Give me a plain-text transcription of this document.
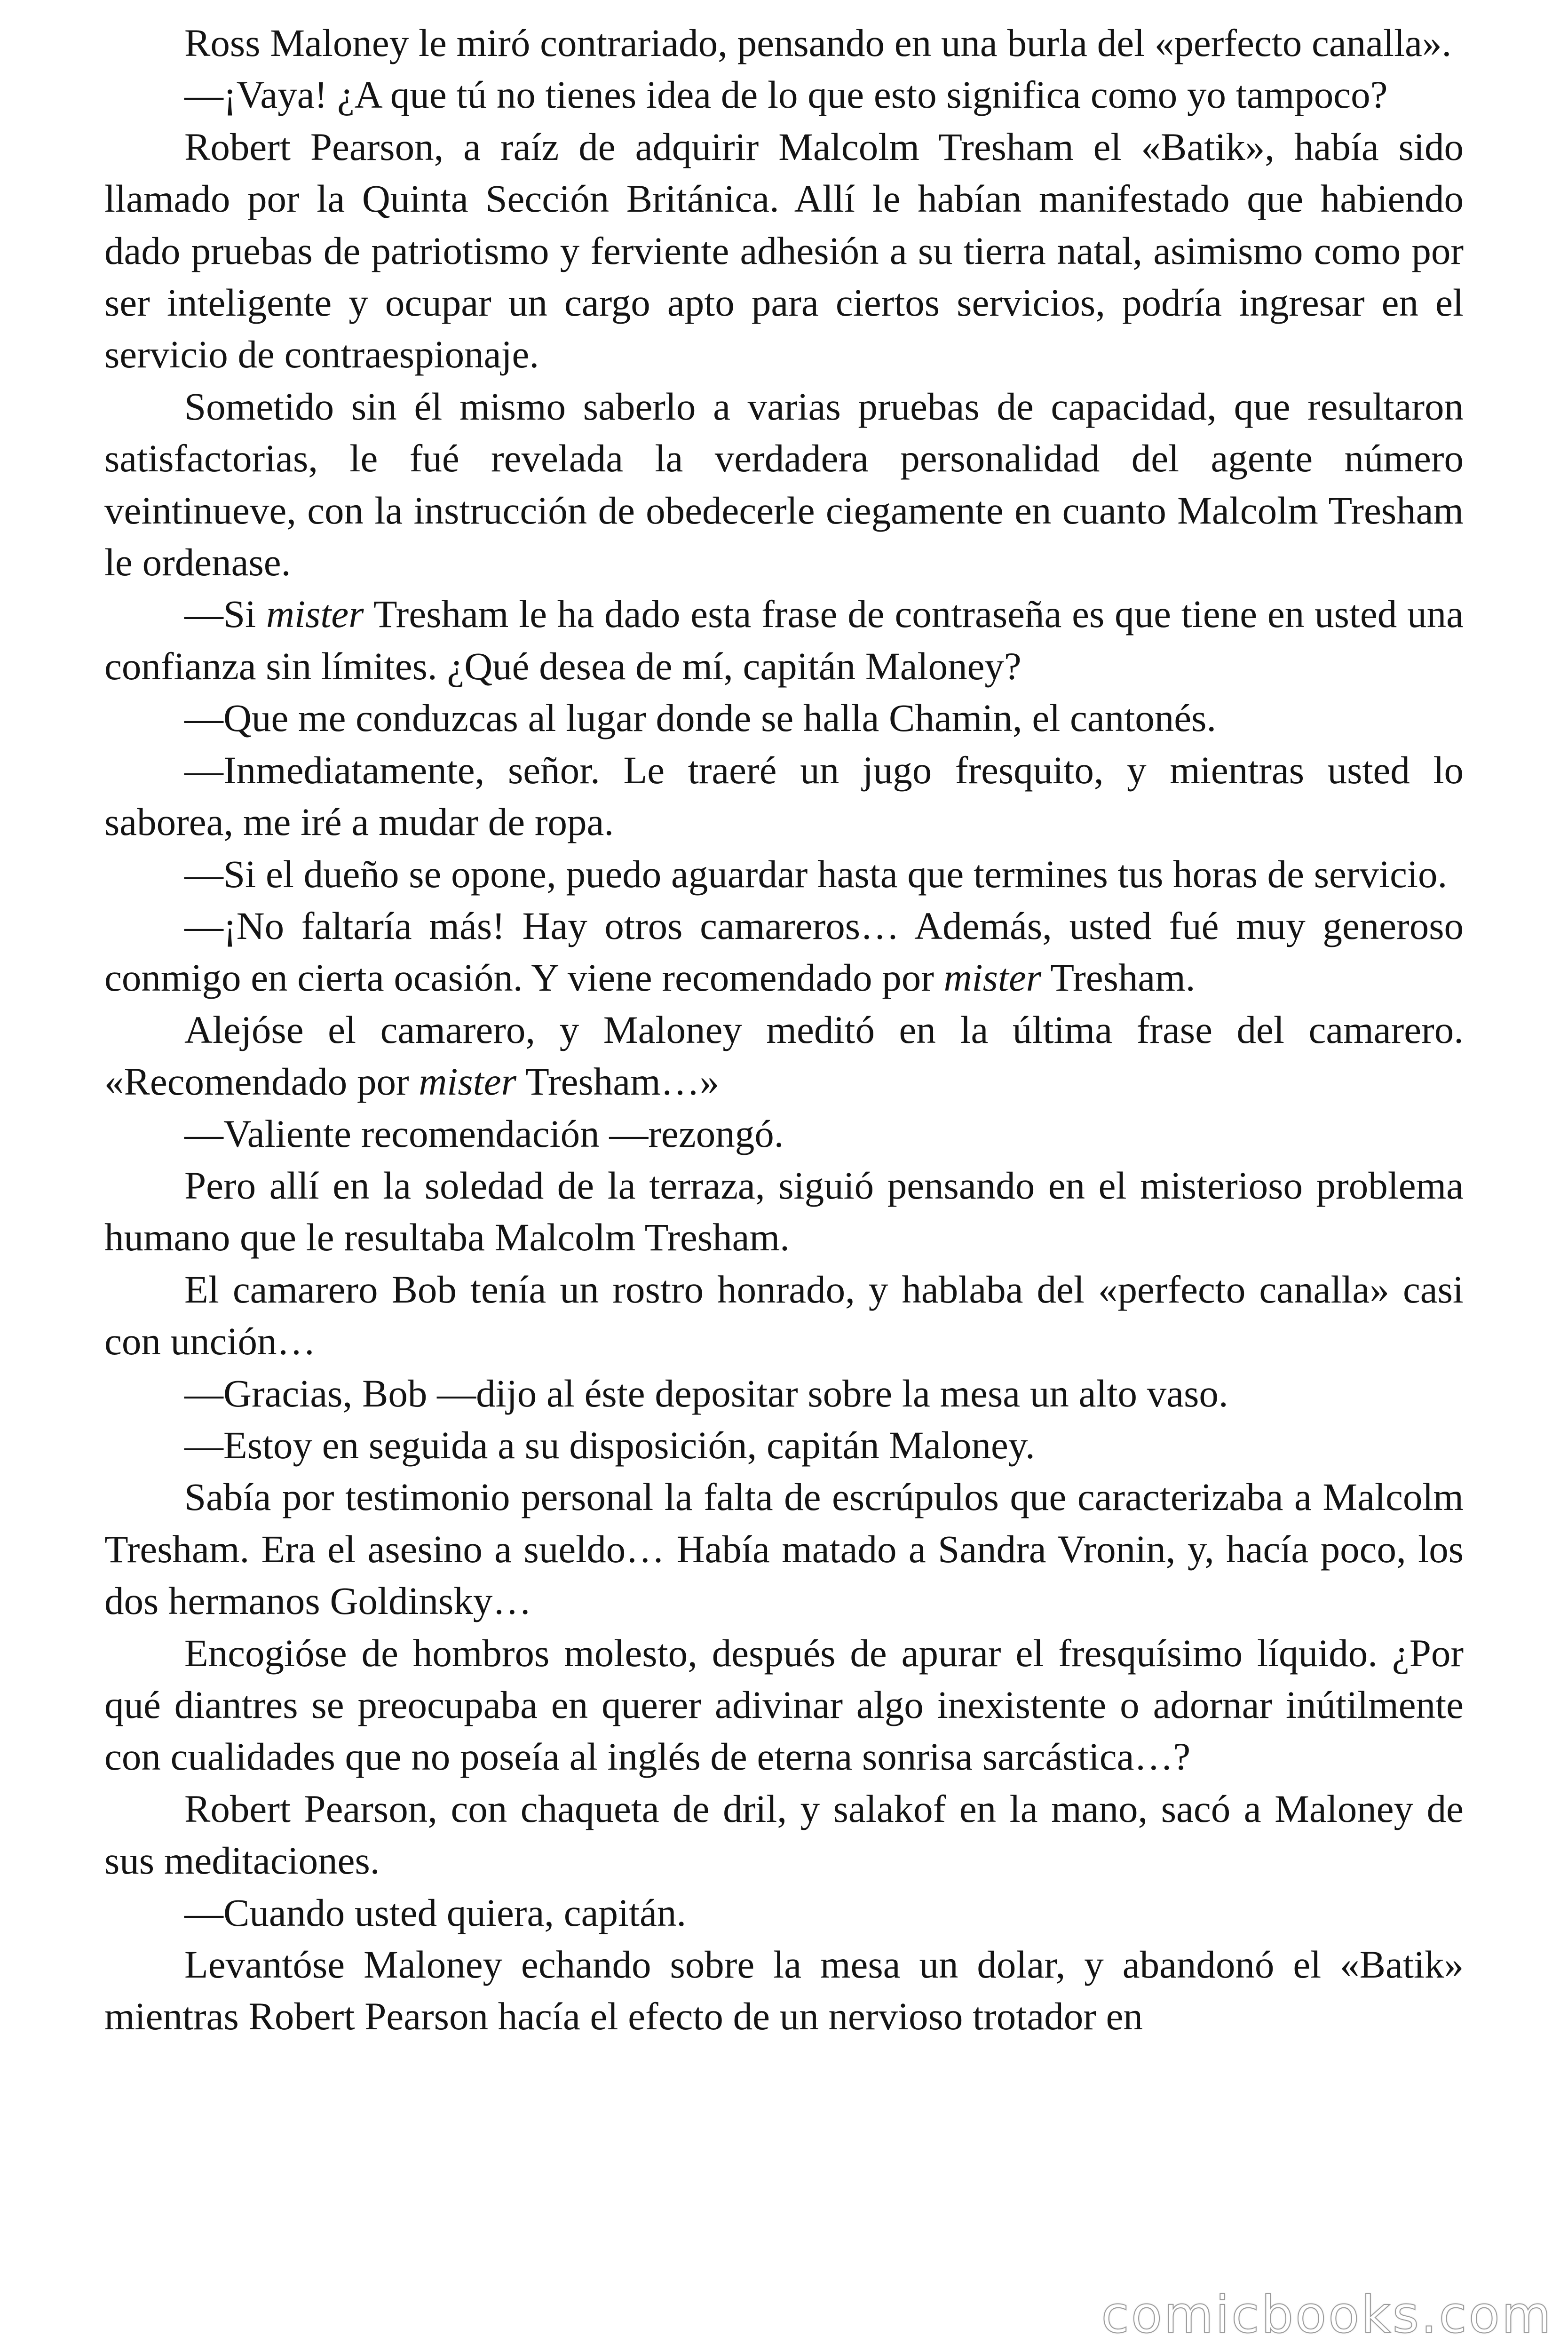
Ross Maloney le miró contrariado, pensando en una burla del «perfecto canalla».

—¡Vaya! ¿A que tú no tienes idea de lo que esto significa como yo tampoco?

Robert Pearson, a raíz de adquirir Malcolm Tresham el «Batik», había sido llamado por la Quinta Sección Británica. Allí le habían manifestado que habiendo dado pruebas de patriotismo y ferviente adhesión a su tierra natal, asimismo como por ser inteligente y ocupar un cargo apto para ciertos servicios, podría ingresar en el servicio de contraespionaje.

Sometido sin él mismo saberlo a varias pruebas de capacidad, que resultaron satisfactorias, le fué revelada la verdadera personalidad del agente número veintinueve, con la instrucción de obedecerle ciegamente en cuanto Malcolm Tresham le ordenase.

—Si mister Tresham le ha dado esta frase de contraseña es que tiene en usted una confianza sin límites. ¿Qué desea de mí, capitán Maloney?

—Que me conduzcas al lugar donde se halla Chamin, el cantonés.

—Inmediatamente, señor. Le traeré un jugo fresquito, y mientras usted lo saborea, me iré a mudar de ropa.

—Si el dueño se opone, puedo aguardar hasta que termines tus horas de servicio.

—¡No faltaría más! Hay otros camareros… Además, usted fué muy generoso conmigo en cierta ocasión. Y viene recomendado por mister Tresham.

Alejóse el camarero, y Maloney meditó en la última frase del camarero. «Recomendado por mister Tresham…»

—Valiente recomendación —rezongó.

Pero allí en la soledad de la terraza, siguió pensando en el misterioso problema humano que le resultaba Malcolm Tresham.

El camarero Bob tenía un rostro honrado, y hablaba del «perfecto canalla» casi con unción…

—Gracias, Bob —dijo al éste depositar sobre la mesa un alto vaso.

—Estoy en seguida a su disposición, capitán Maloney.

Sabía por testimonio personal la falta de escrúpulos que caracterizaba a Malcolm Tresham. Era el asesino a sueldo… Había matado a Sandra Vronin, y, hacía poco, los dos hermanos Goldinsky…

Encogióse de hombros molesto, después de apurar el fresquísimo líquido. ¿Por qué diantres se preocupaba en querer adivinar algo inexistente o adornar inútilmente con cualidades que no poseía al inglés de eterna sonrisa sarcástica…?

Robert Pearson, con chaqueta de dril, y salakof en la mano, sacó a Maloney de sus meditaciones.

—Cuando usted quiera, capitán.

Levantóse Maloney echando sobre la mesa un dolar, y abandonó el «Batik» mientras Robert Pearson hacía el efecto de un nervioso trotador en

comicbooks.com
